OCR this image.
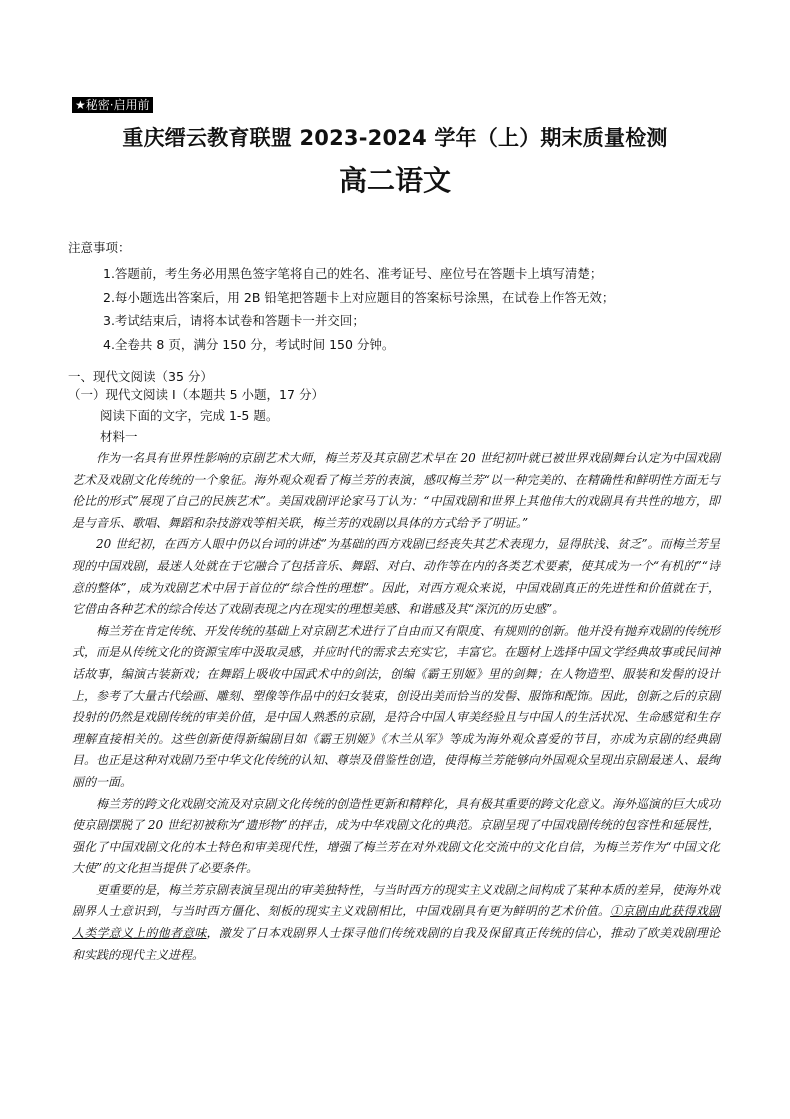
★秘密·启用前
重庆缙云教育联盟 2023-2024 学年（上）期末质量检测
高二语文
注意事项：
1.答题前，考生务必用黑色签字笔将自己的姓名、准考证号、座位号在答题卡上填写清楚；
2.每小题选出答案后，用 2B 铅笔把答题卡上对应题目的答案标号涂黑，在试卷上作答无效；
3.考试结束后，请将本试卷和答题卡一并交回；
4.全卷共 8 页，满分 150 分，考试时间 150 分钟。
一、现代文阅读（35 分）
（一）现代文阅读 I（本题共 5 小题，17 分）
阅读下面的文字，完成 1-5 题。
材料一

作为一名具有世界性影响的京剧艺术大师，梅兰芳及其京剧艺术早在 20 世纪初叶就已被世界戏剧舞台认定为中国戏剧艺术及戏剧文化传统的一个象征。海外观众观看了梅兰芳的表演，感叹梅兰芳“以一种完美的、在精确性和鲜明性方面无与伦比的形式”展现了自己的民族艺术”。美国戏剧评论家马丁认为：“中国戏剧和世界上其他伟大的戏剧具有共性的地方，即是与音乐、歌唱、舞蹈和杂技游戏等相关联，梅兰芳的戏剧以具体的方式给予了明证。”

20 世纪初，在西方人眼中仍以台词的讲述”为基础的西方戏剧已经丧失其艺术表现力，显得肤浅、贫乏”。而梅兰芳呈现的中国戏剧，最迷人处就在于它融合了包括音乐、舞蹈、对白、动作等在内的各类艺术要素，使其成为一个“有机的”“诗意的整体”，成为戏剧艺术中居于首位的“综合性的理想”。因此，对西方观众来说，中国戏剧真正的先进性和价值就在于，它借由各种艺术的综合传达了戏剧表现之内在现实的理想美感、和谐感及其“深沉的历史感”。

梅兰芳在肯定传统、开发传统的基础上对京剧艺术进行了自由而又有限度、有规则的创新。他并没有抛弃戏剧的传统形式，而是从传统文化的资源宝库中汲取灵感，并应时代的需求去充实它，丰富它。在题材上选择中国文学经典故事或民间神话故事，编演古装新戏；在舞蹈上吸收中国武术中的剑法，创编《霸王别姬》里的剑舞；在人物造型、服装和发髻的设计上，参考了大量古代绘画、雕刻、塑像等作品中的妇女装束，创设出美而恰当的发髻、服饰和配饰。因此，创新之后的京剧投射的仍然是戏剧传统的审美价值，是中国人熟悉的京剧，是符合中国人审美经验且与中国人的生活状况、生命感觉和生存理解直接相关的。这些创新使得新编剧目如《霸王别姬》《木兰从军》等成为海外观众喜爱的节目，亦成为京剧的经典剧目。也正是这种对戏剧乃至中华文化传统的认知、尊崇及借鉴性创造，使得梅兰芳能够向外国观众呈现出京剧最迷人、最绚丽的一面。

梅兰芳的跨文化戏剧交流及对京剧文化传统的创造性更新和精粹化，具有极其重要的跨文化意义。海外巡演的巨大成功使京剧摆脱了 20 世纪初被称为“遗形物”的抨击，成为中华戏剧文化的典范。京剧呈现了中国戏剧传统的包容性和延展性，强化了中国戏剧文化的本土特色和审美现代性，增强了梅兰芳在对外戏剧文化交流中的文化自信，为梅兰芳作为“中国文化大使”的文化担当提供了必要条件。

更重要的是，梅兰芳京剧表演呈现出的审美独特性，与当时西方的现实主义戏剧之间构成了某种本质的差异，使海外戏剧界人士意识到，与当时西方僵化、刻板的现实主义戏剧相比，中国戏剧具有更为鲜明的艺术价值。①京剧由此获得戏剧人类学意义上的他者意味，激发了日本戏剧界人士探寻他们传统戏剧的自我及保留真正传统的信心，推动了欧美戏剧理论和实践的现代主义进程。
